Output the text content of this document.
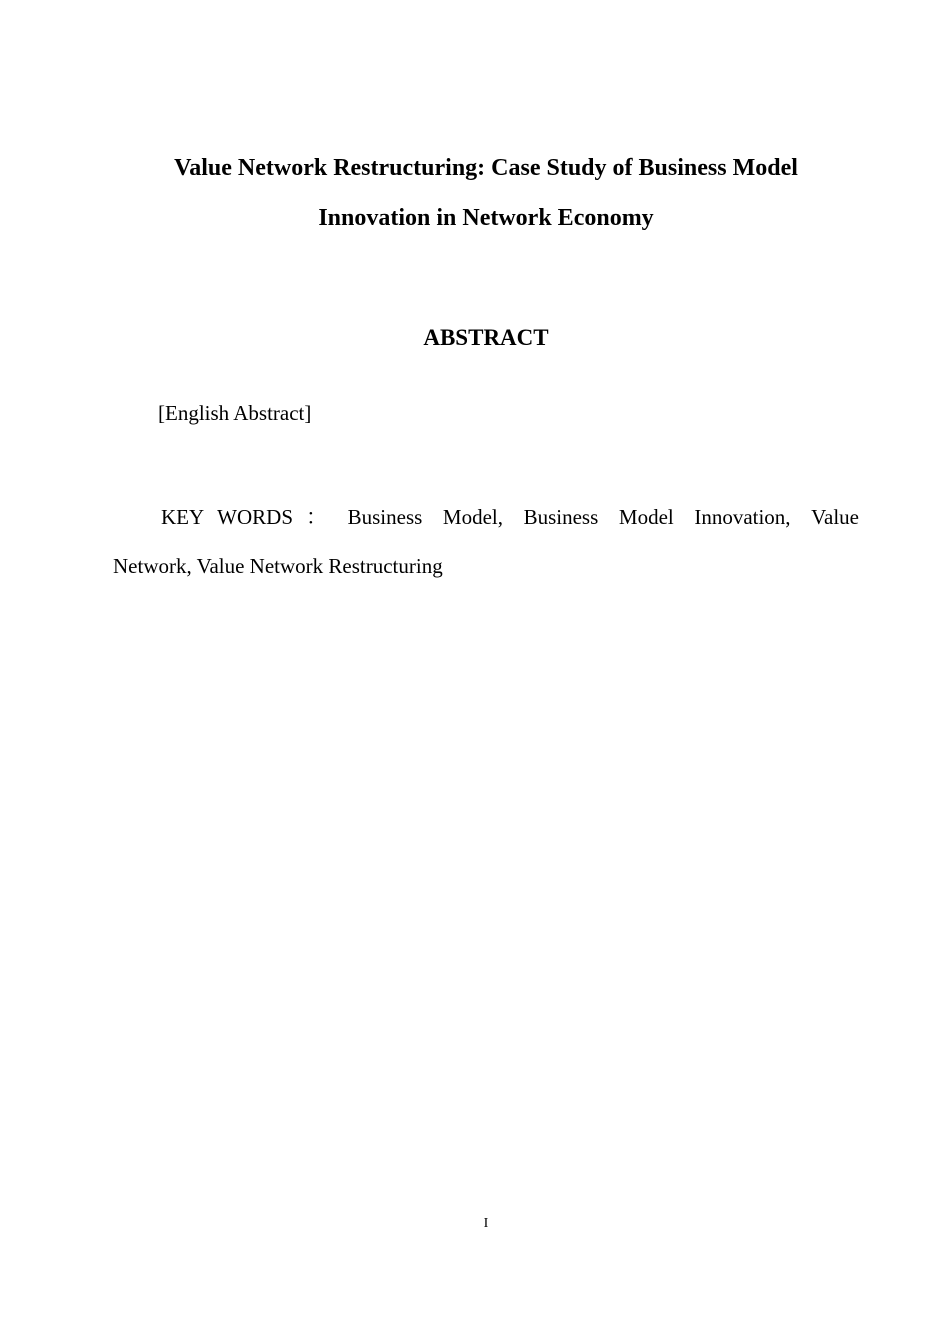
Value Network Restructuring: Case Study of Business Model
Innovation in Network Economy
ABSTRACT
[English Abstract]
KEY WORDS ： Business Model, Business Model Innovation, Value
Network, Value Network Restructuring
I
